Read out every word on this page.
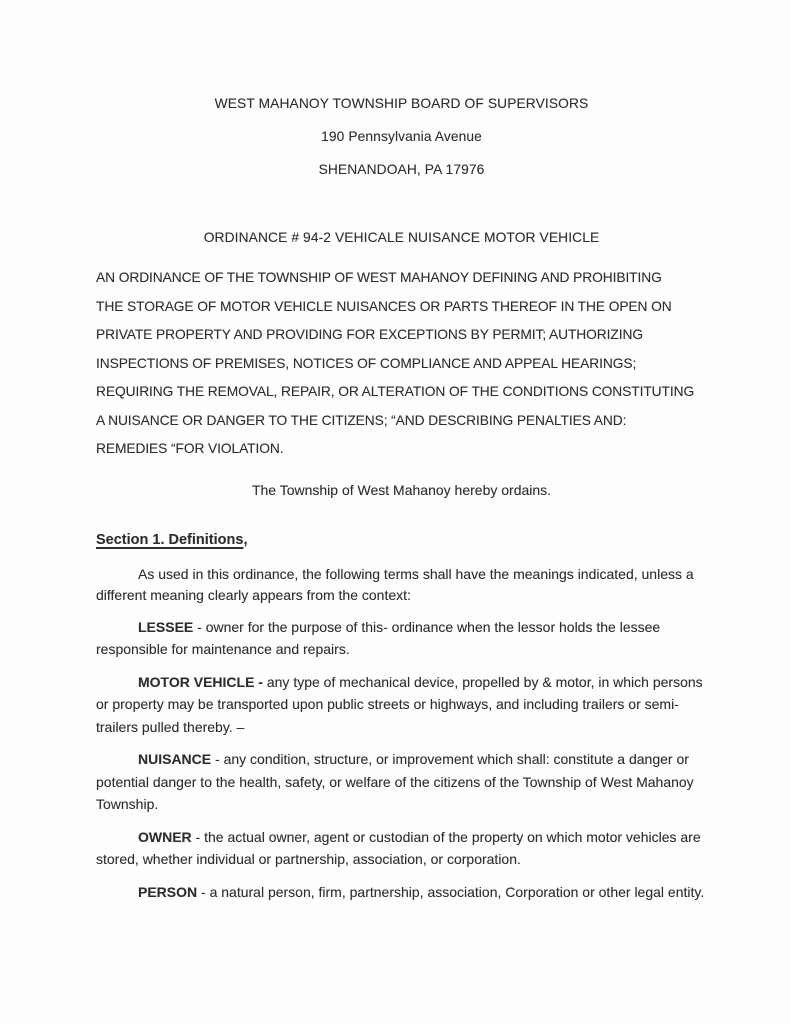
WEST MAHANOY TOWNSHIP BOARD OF SUPERVISORS
190 Pennsylvania Avenue
SHENANDOAH, PA 17976
ORDINANCE # 94-2 VEHICALE NUISANCE MOTOR VEHICLE
AN ORDINANCE OF THE TOWNSHIP OF WEST MAHANOY DEFINING AND PROHIBITING
THE STORAGE OF MOTOR VEHICLE NUISANCES OR PARTS THEREOF IN THE OPEN ON
PRIVATE PROPERTY AND PROVIDING FOR EXCEPTIONS BY PERMIT; AUTHORIZING
INSPECTIONS OF PREMISES, NOTICES OF COMPLIANCE AND APPEAL HEARINGS;
REQUIRING THE REMOVAL, REPAIR, OR ALTERATION OF THE CONDITIONS CONSTITUTING
A NUISANCE OR DANGER TO THE CITIZENS; “AND DESCRIBING PENALTIES AND:
REMEDIES “FOR VIOLATION.

The Township of West Mahanoy hereby ordains.

Section 1. Definitions,

As used in this ordinance, the following terms shall have the meanings indicated, unless a different meaning clearly appears from the context:

LESSEE - owner for the purpose of this- ordinance when the lessor holds the lessee responsible for maintenance and repairs.

MOTOR VEHICLE - any type of mechanical device, propelled by & motor, in which persons or property may be transported upon public streets or highways, and including trailers or semi- trailers pulled thereby. –

NUISANCE - any condition, structure, or improvement which shall: constitute a danger or potential danger to the health, safety, or welfare of the citizens of the Township of West Mahanoy Township.

OWNER - the actual owner, agent or custodian of the property on which motor vehicles are stored, whether individual or partnership, association, or corporation.

PERSON - a natural person, firm, partnership, association, Corporation or other legal entity.
